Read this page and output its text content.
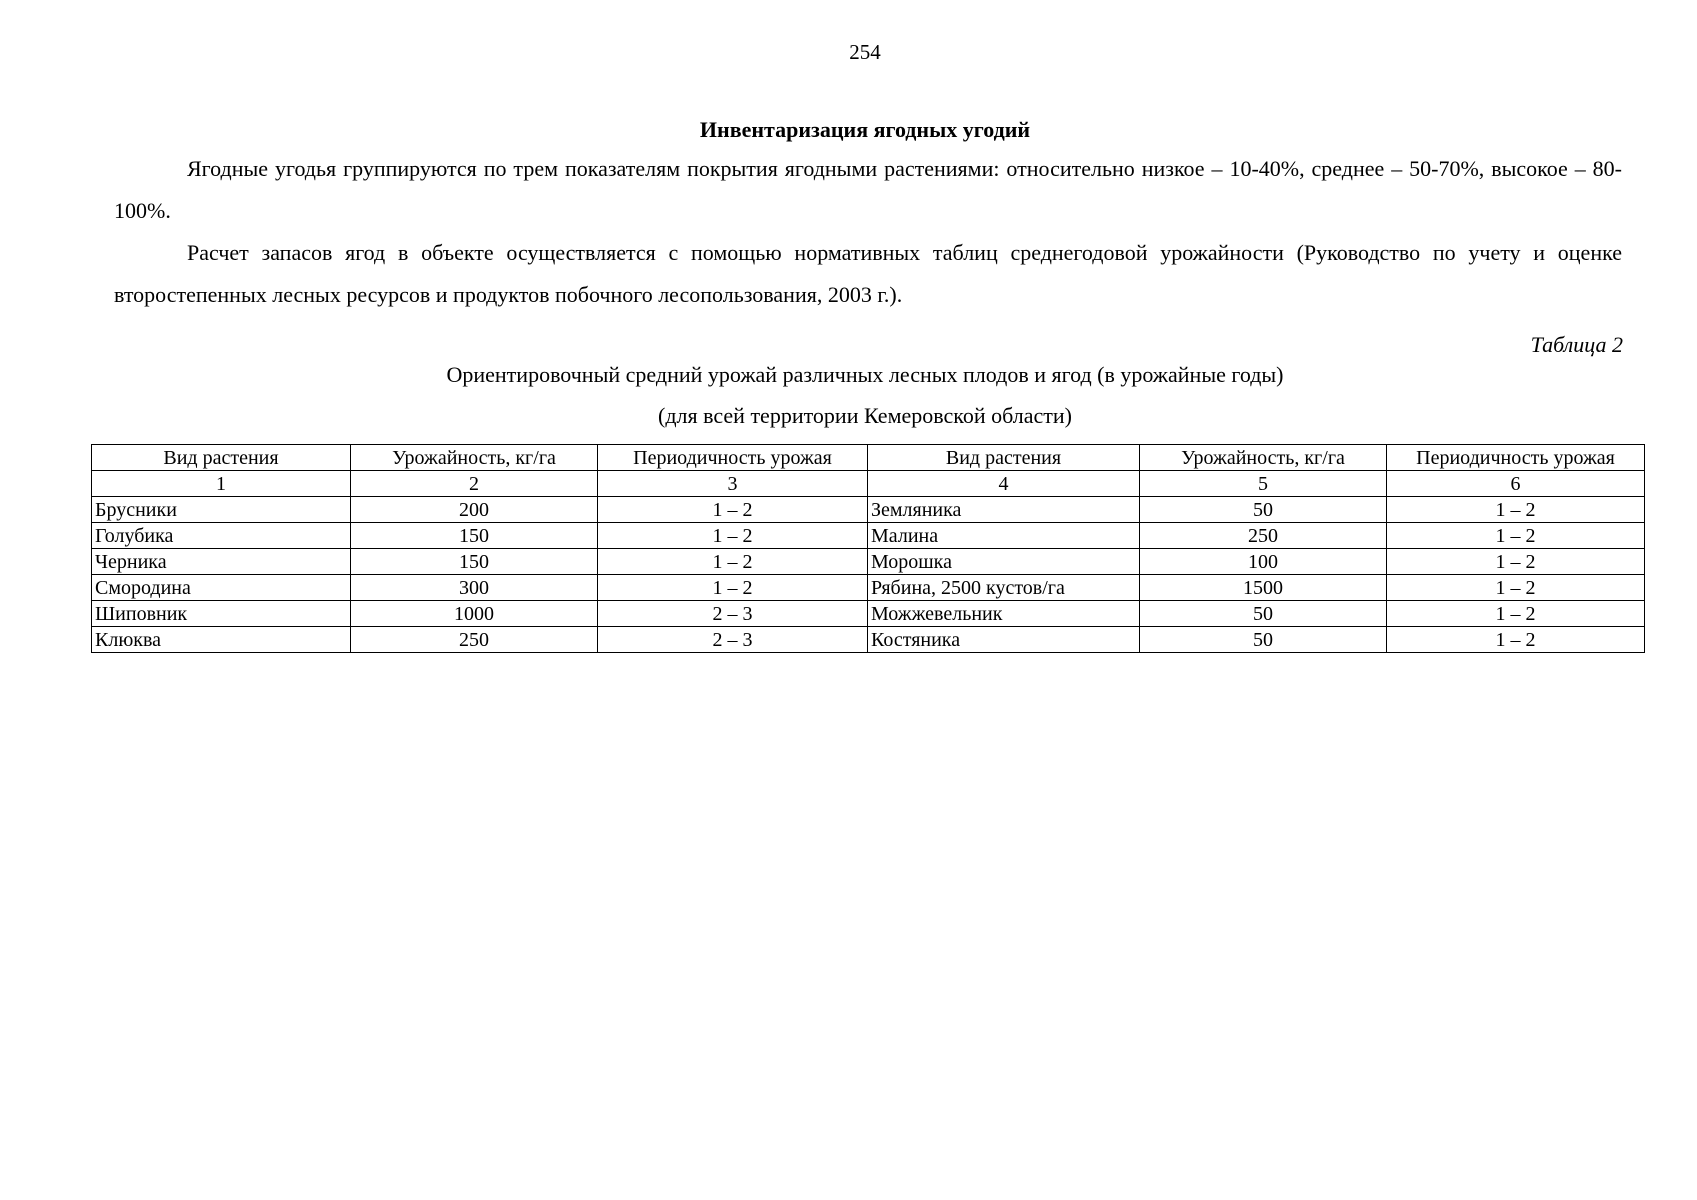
254
Инвентаризация ягодных угодий
Ягодные угодья группируются по трем показателям покрытия ягодными растениями: относительно низкое – 10-40%, среднее – 50-70%, высокое – 80-100%.
Расчет запасов ягод в объекте осуществляется с помощью нормативных таблиц среднегодовой урожайности (Руководство по учету и оценке второстепенных лесных ресурсов и продуктов побочного лесопользования, 2003 г.).
Таблица 2
Ориентировочный средний урожай различных лесных плодов и ягод (в урожайные годы)
(для всей территории Кемеровской области)
Вид растения	Урожайность, кг/га	Периодичность урожая	Вид растения	Урожайность, кг/га	Периодичность урожая
1	2	3	4	5	6
Брусники	200	1 – 2	Земляника	50	1 – 2
Голубика	150	1 – 2	Малина	250	1 – 2
Черника	150	1 – 2	Морошка	100	1 – 2
Смородина	300	1 – 2	Рябина, 2500 кустов/га	1500	1 – 2
Шиповник	1000	2 – 3	Можжевельник	50	1 – 2
Клюква	250	2 – 3	Костяника	50	1 – 2
